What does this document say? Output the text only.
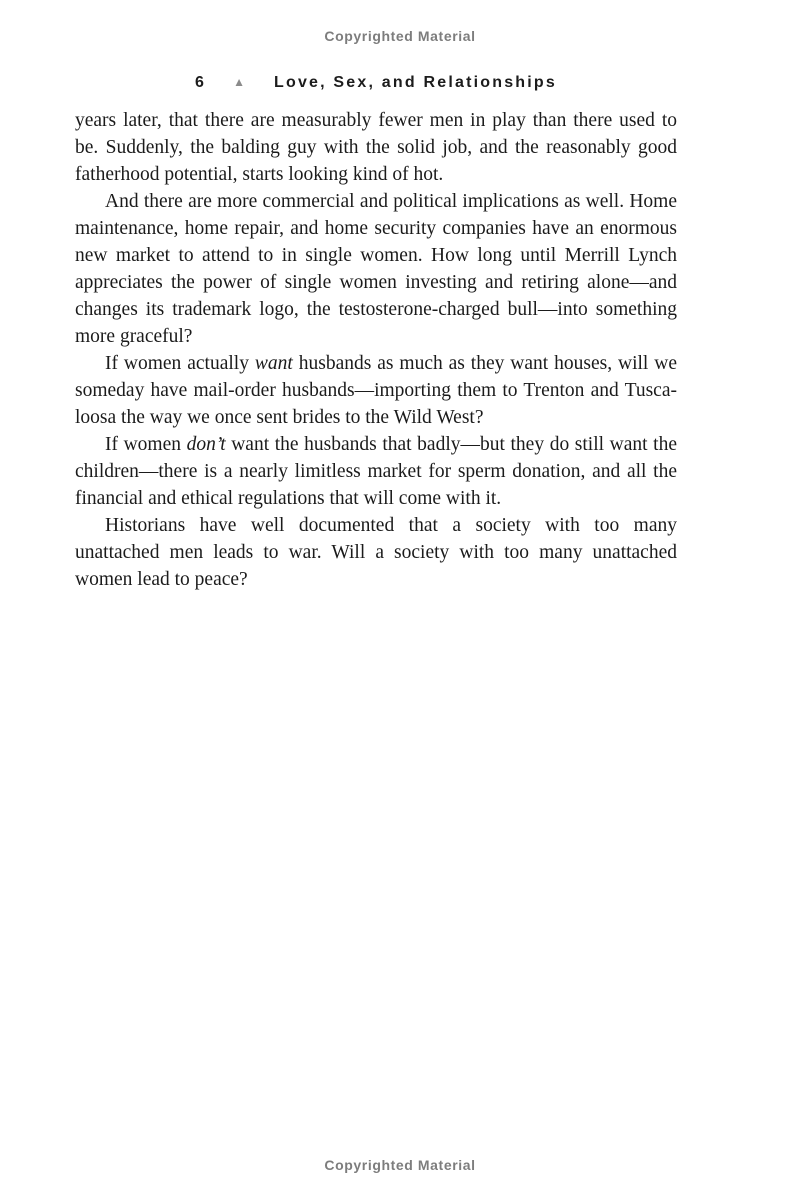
Copyrighted Material
6 ▲ Love, Sex, and Relationships

years later, that there are measurably fewer men in play than there used to be. Suddenly, the balding guy with the solid job, and the reasonably good fatherhood potential, starts looking kind of hot.

And there are more commercial and political implications as well. Home maintenance, home repair, and home security companies have an enormous new market to attend to in single women. How long until Merrill Lynch appreciates the power of single women investing and retiring alone—and changes its trademark logo, the testosterone-charged bull—into something more graceful?

If women actually want husbands as much as they want houses, will we someday have mail-order husbands—importing them to Trenton and Tuscaloosa the way we once sent brides to the Wild West?

If women don’t want the husbands that badly—but they do still want the children—there is a nearly limitless market for sperm donation, and all the financial and ethical regulations that will come with it.

Historians have well documented that a society with too many unattached men leads to war. Will a society with too many unattached women lead to peace?

Copyrighted Material
